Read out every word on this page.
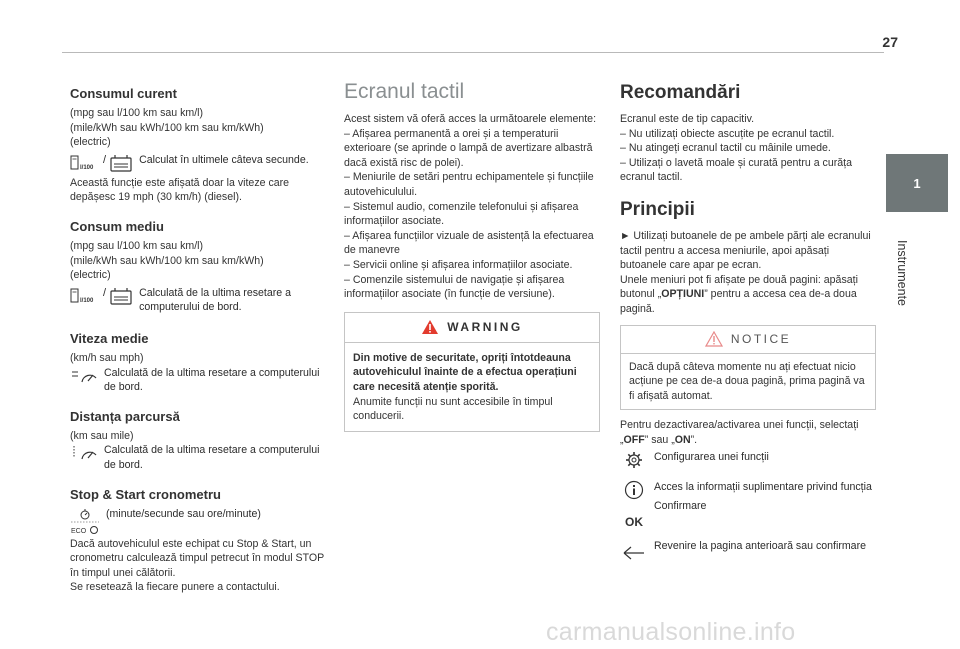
27
1
Instrumente
Consumul curent

(mpg sau l/100 km sau km/l)

(mile/kWh sau kWh/100 km sau km/kWh)

(electric)

l/100
/	Calculat în ultimele câteva secunde.

Această funcție este afișată doar la viteze care depășesc 19 mph (30 km/h) (diesel).

Consum mediu

(mpg sau l/100 km sau km/l)

(mile/kWh sau kWh/100 km sau km/kWh)

(electric)

l/100
/	Calculată de la ultima resetare a computerului de bord.
Viteza medie

(km/h sau mph)

Calculată de la ultima resetare a computerului de bord.
Distanța parcursă

(km sau mile)

Calculată de la ultima resetare a computerului de bord.
Stop & Start cronometru
ECO
(minute/secunde sau ore/minute)

Dacă autovehiculul este echipat cu Stop & Start, un cronometru calculează timpul petrecut în modul STOP în timpul unei călătorii.

Se resetează la fiecare punere a contactului.

Ecranul tactil

Acest sistem vă oferă acces la următoarele elemente:

– Afișarea permanentă a orei și a temperaturii exterioare (se aprinde o lampă de avertizare albastră dacă există risc de polei).

– Meniurile de setări pentru echipamentele și funcțiile autovehiculului.

– Sistemul audio, comenzile telefonului și afișarea informațiilor asociate.

– Afișarea funcțiilor vizuale de asistență la efectuarea de manevre

– Servicii online și afișarea informațiilor asociate.

– Comenzile sistemului de navigație și afișarea informațiilor asociate (în funcție de versiune).

WARNING

Din motive de securitate, opriți întotdeauna autovehiculul înainte de a efectua operațiuni care necesită atenție sporită.

Anumite funcții nu sunt accesibile în timpul conducerii.

Recomandări

Ecranul este de tip capacitiv.

– Nu utilizați obiecte ascuțite pe ecranul tactil.

– Nu atingeți ecranul tactil cu mâinile umede.

– Utilizați o lavetă moale și curată pentru a curăța ecranul tactil.

Principii

► Utilizați butoanele de pe ambele părți ale ecranului tactil pentru a accesa meniurile, apoi apăsați butoanele care apar pe ecran.

Unele meniuri pot fi afișate pe două pagini: apăsați butonul „OPȚIUNI” pentru a accesa cea de-a doua pagină.

NOTICE

Dacă după câteva momente nu ați efectuat nicio acțiune pe cea de-a doua pagină, prima pagină va fi afișată automat.

Pentru dezactivarea/activarea unei funcții, selectați „OFF” sau „ON”.

Configurarea unei funcții
Acces la informații suplimentare privind funcția
OK
Confirmare
Revenire la pagina anterioară sau confirmare
carmanualsonline.info
